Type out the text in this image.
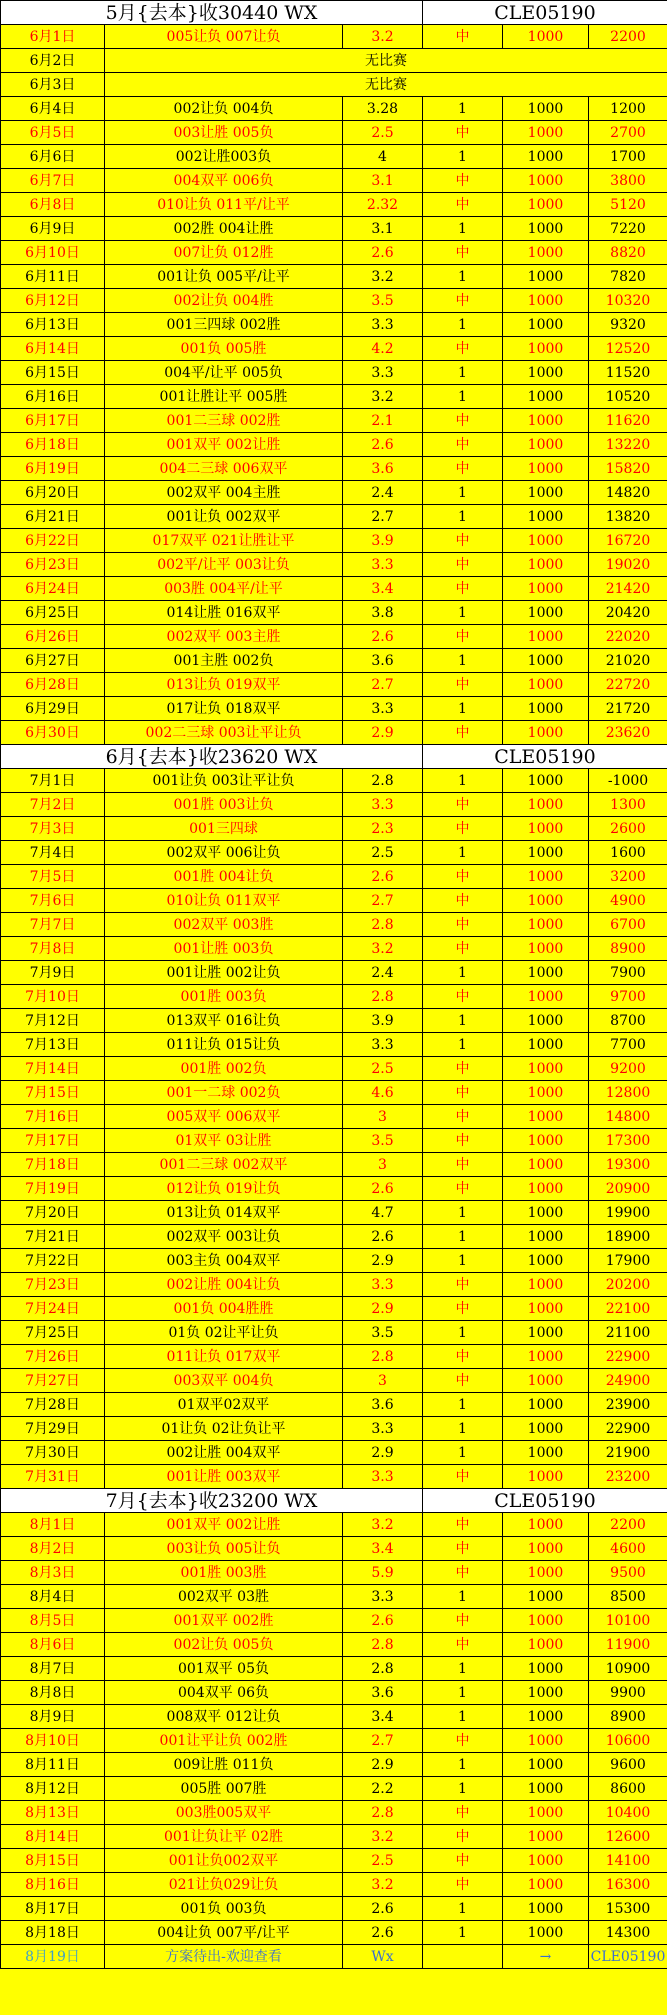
5月{去本}收30440 WX			CLE05190		
6月1日	005让负 007让负	3.2	中	1000	2200
6月2日	无比赛				
6月3日	无比赛				
6月4日	002让负 004负	3.28	1	1000	1200
6月5日	003让胜 005负	2.5	中	1000	2700
6月6日	002让胜003负	4	1	1000	1700
6月7日	004双平 006负	3.1	中	1000	3800
6月8日	010让负 011平/让平	2.32	中	1000	5120
6月9日	002胜 004让胜	3.1	1	1000	7220
6月10日	007让负 012胜	2.6	中	1000	8820
6月11日	001让负 005平/让平	3.2	1	1000	7820
6月12日	002让负 004胜	3.5	中	1000	10320
6月13日	001三四球 002胜	3.3	1	1000	9320
6月14日	001负 005胜	4.2	中	1000	12520
6月15日	004平/让平 005负	3.3	1	1000	11520
6月16日	001让胜让平 005胜	3.2	1	1000	10520
6月17日	001二三球 002胜	2.1	中	1000	11620
6月18日	001双平 002让胜	2.6	中	1000	13220
6月19日	004二三球 006双平	3.6	中	1000	15820
6月20日	002双平 004主胜	2.4	1	1000	14820
6月21日	001让负 002双平	2.7	1	1000	13820
6月22日	017双平 021让胜让平	3.9	中	1000	16720
6月23日	002平/让平 003让负	3.3	中	1000	19020
6月24日	003胜 004平/让平	3.4	中	1000	21420
6月25日	014让胜 016双平	3.8	1	1000	20420
6月26日	002双平 003主胜	2.6	中	1000	22020
6月27日	001主胜 002负	3.6	1	1000	21020
6月28日	013让负 019双平	2.7	中	1000	22720
6月29日	017让负 018双平	3.3	1	1000	21720
6月30日	002二三球 003让平让负	2.9	中	1000	23620
6月{去本}收23620 WX			CLE05190		
7月1日	001让负 003让平让负	2.8	1	1000	-1000
7月2日	001胜 003让负	3.3	中	1000	1300
7月3日	001三四球	2.3	中	1000	2600
7月4日	002双平 006让负	2.5	1	1000	1600
7月5日	001胜 004让负	2.6	中	1000	3200
7月6日	010让负 011双平	2.7	中	1000	4900
7月7日	002双平 003胜	2.8	中	1000	6700
7月8日	001让胜 003负	3.2	中	1000	8900
7月9日	001让胜 002让负	2.4	1	1000	7900
7月10日	001胜 003负	2.8	中	1000	9700
7月12日	013双平 016让负	3.9	1	1000	8700
7月13日	011让负 015让负	3.3	1	1000	7700
7月14日	001胜 002负	2.5	中	1000	9200
7月15日	001一二球 002负	4.6	中	1000	12800
7月16日	005双平 006双平	3	中	1000	14800
7月17日	01双平 03让胜	3.5	中	1000	17300
7月18日	001二三球 002双平	3	中	1000	19300
7月19日	012让负 019让负	2.6	中	1000	20900
7月20日	013让负 014双平	4.7	1	1000	19900
7月21日	002双平 003让负	2.6	1	1000	18900
7月22日	003主负 004双平	2.9	1	1000	17900
7月23日	002让胜 004让负	3.3	中	1000	20200
7月24日	001负 004胜胜	2.9	中	1000	22100
7月25日	01负 02让平让负	3.5	1	1000	21100
7月26日	011让负 017双平	2.8	中	1000	22900
7月27日	003双平 004负	3	中	1000	24900
7月28日	01双平02双平	3.6	1	1000	23900
7月29日	01让负 02让负让平	3.3	1	1000	22900
7月30日	002让胜 004双平	2.9	1	1000	21900
7月31日	001让胜 003双平	3.3	中	1000	23200
7月{去本}收23200 WX			CLE05190		
8月1日	001双平 002让胜	3.2	中	1000	2200
8月2日	003让负 005让负	3.4	中	1000	4600
8月3日	001胜 003胜	5.9	中	1000	9500
8月4日	002双平 03胜	3.3	1	1000	8500
8月5日	001双平 002胜	2.6	中	1000	10100
8月6日	002让负 005负	2.8	中	1000	11900
8月7日	001双平 05负	2.8	1	1000	10900
8月8日	004双平 06负	3.6	1	1000	9900
8月9日	008双平 012让负	3.4	1	1000	8900
8月10日	001让平让负 002胜	2.7	中	1000	10600
8月11日	009让胜 011负	2.9	1	1000	9600
8月12日	005胜 007胜	2.2	1	1000	8600
8月13日	003胜005双平	2.8	中	1000	10400
8月14日	001让负让平 02胜	3.2	中	1000	12600
8月15日	001让负002双平	2.5	中	1000	14100
8月16日	021让负029让负	3.2	中	1000	16300
8月17日	001负 003负	2.6	1	1000	15300
8月18日	004让负 007平/让平	2.6	1	1000	14300
8月19日	方案待出-欢迎查看	Wx		→	CLE05190
